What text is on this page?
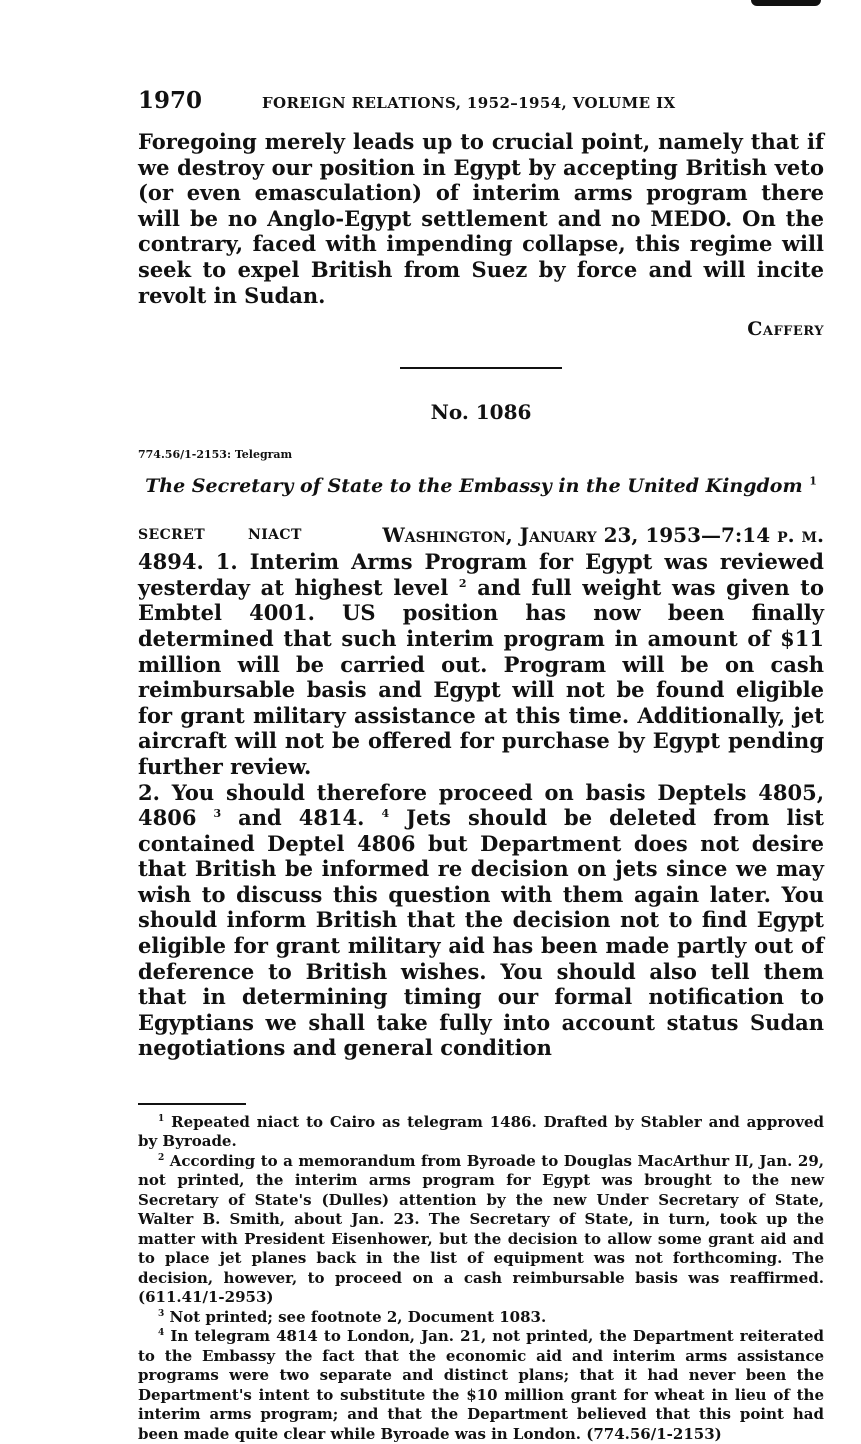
1970	FOREIGN RELATIONS, 1952–1954, VOLUME IX

Foregoing merely leads up to crucial point, namely that if we destroy our position in Egypt by accepting British veto (or even emasculation) of interim arms program there will be no Anglo-Egypt settlement and no MEDO. On the contrary, faced with impending collapse, this regime will seek to expel British from Suez by force and will incite revolt in Sudan.

Caffery
No. 1086
774.56/1-2153: Telegram
The Secretary of State to the Embassy in the United Kingdom $^1$
SECRET	NIACT	Washington, January 23, 1953—7:14 p. m.

4894. 1. Interim Arms Program for Egypt was reviewed yesterday at highest level $^2$ and full weight was given to Embtel 4001. US position has now been finally determined that such interim program in amount of $11 million will be carried out. Program will be on cash reimbursable basis and Egypt will not be found eligible for grant military assistance at this time. Additionally, jet aircraft will not be offered for purchase by Egypt pending further review.

2. You should therefore proceed on basis Deptels 4805, 4806 $^3$ and 4814. $^4$ Jets should be deleted from list contained Deptel 4806 but Department does not desire that British be informed re decision on jets since we may wish to discuss this question with them again later. You should inform British that the decision not to find Egypt eligible for grant military aid has been made partly out of deference to British wishes. You should also tell them that in determining timing our formal notification to Egyptians we shall take fully into account status Sudan negotiations and general condition

$^1$ Repeated niact to Cairo as telegram 1486. Drafted by Stabler and approved by Byroade.

$^2$ According to a memorandum from Byroade to Douglas MacArthur II, Jan. 29, not printed, the interim arms program for Egypt was brought to the new Secretary of State's (Dulles) attention by the new Under Secretary of State, Walter B. Smith, about Jan. 23. The Secretary of State, in turn, took up the matter with President Eisenhower, but the decision to allow some grant aid and to place jet planes back in the list of equipment was not forthcoming. The decision, however, to proceed on a cash reimbursable basis was reaffirmed. (611.41/1-2953)

$^3$ Not printed; see footnote 2, Document 1083.

$^4$ In telegram 4814 to London, Jan. 21, not printed, the Department reiterated to the Embassy the fact that the economic aid and interim arms assistance programs were two separate and distinct plans; that it had never been the Department's intent to substitute the $10 million grant for wheat in lieu of the interim arms program; and that the Department believed that this point had been made quite clear while Byroade was in London. (774.56/1-2153)
